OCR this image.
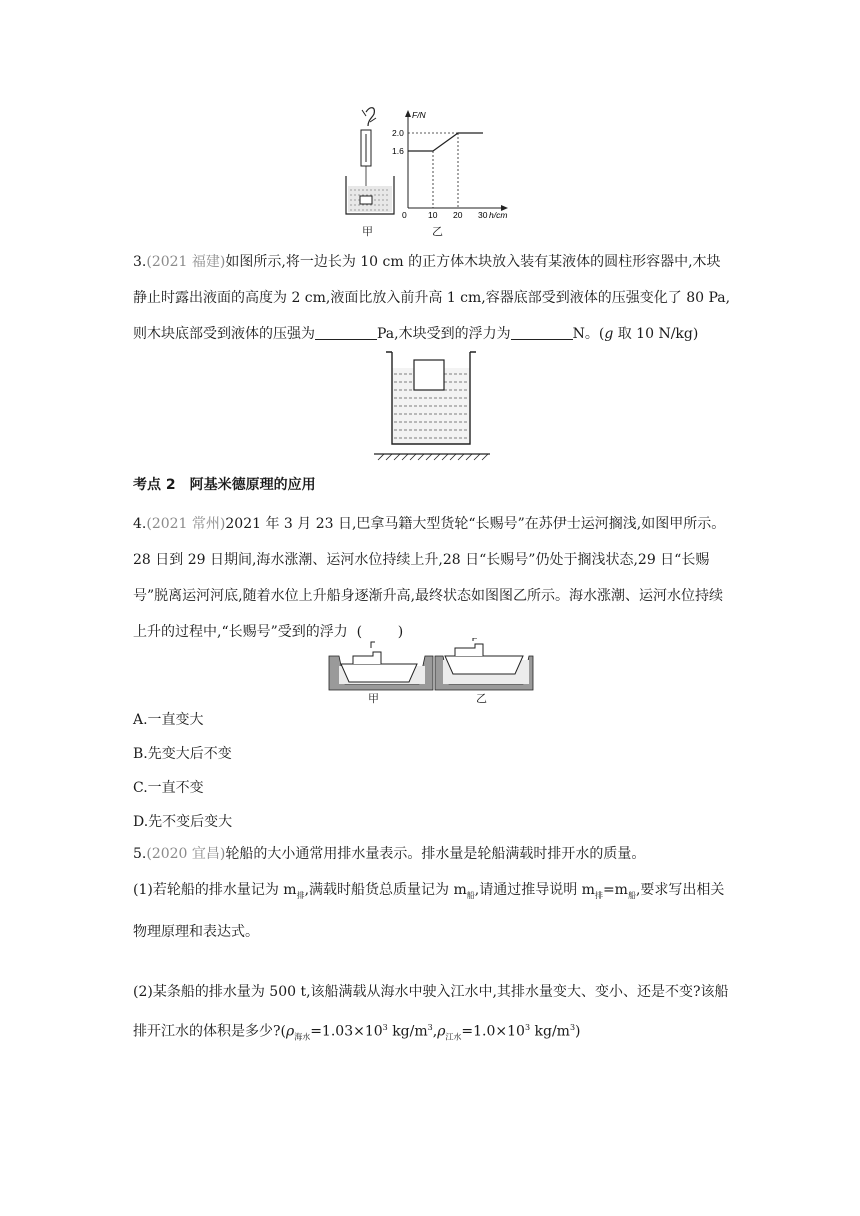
F/N
2.0
1.6
0	10 20 30 h/cm
甲	乙

3.(2021 福建)如图所示,将一边长为 10 cm 的正方体木块放入装有某液体的圆柱形容器中,木块静止时露出液面的高度为 2 cm,液面比放入前升高 1 cm,容器底部受到液体的压强变化了 80 Pa,则木块底部受到液体的压强为	Pa,木块受到的浮力为	N。(g 取 10 N/kg)

考点 2 阿基米德原理的应用

4.(2021 常州)2021 年 3 月 23 日,巴拿马籍大型货轮“长赐号”在苏伊士运河搁浅,如图甲所示。28 日到 29 日期间,海水涨潮、运河水位持续上升,28 日“长赐号”仍处于搁浅状态,29 日“长赐号”脱离运河河底,随着水位上升船身逐渐升高,最终状态如图图乙所示。海水涨潮、运河水位持续上升的过程中,“长赐号”受到的浮力 (        )

甲	乙
A.一直变大
B.先变大后不变
C.一直不变
D.先不变后变大

5.(2020 宜昌)轮船的大小通常用排水量表示。排水量是轮船满载时排开水的质量。

(1)若轮船的排水量记为 $m_排$,满载时船货总质量记为 $m_船$,请通过推导说明 $m_排=m_船$,要求写出相关物理原理和表达式。

(2)某条船的排水量为 500 t,该船满载从海水中驶入江水中,其排水量变大、变小、还是不变?该船排开江水的体积是多少$?(\rho_{海水}=1.03\times 10^3$ $kg/m^3,\rho_{江水}=1.0\times 10^3$ $kg/m^3$)
